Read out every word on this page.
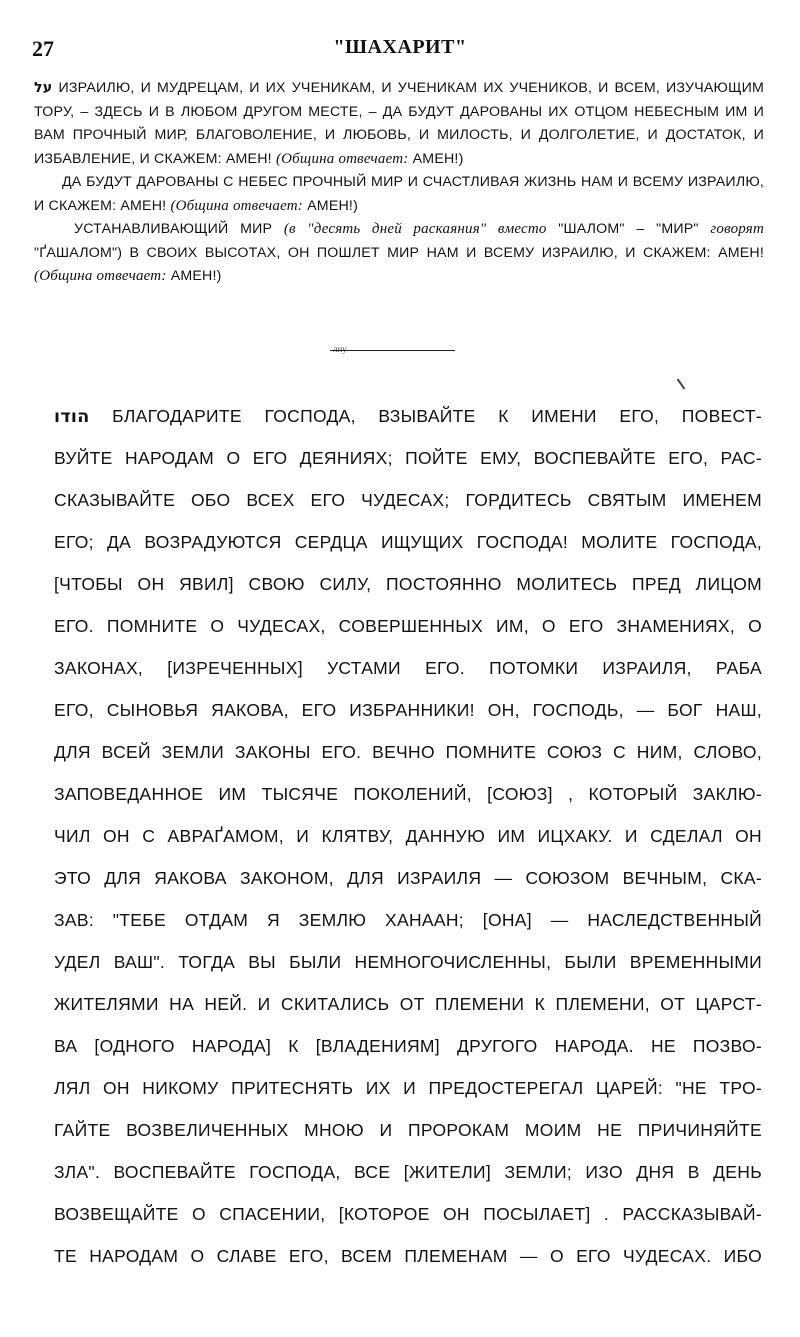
27	"ШАХАРИТ"

על ИЗРАИЛЮ, И МУДРЕЦАМ, И ИХ УЧЕНИКАМ, И УЧЕНИКАМ ИХ УЧЕНИКОВ, И ВСЕМ, ИЗУЧАЮЩИМ ТОРУ, – ЗДЕСЬ И В ЛЮБОМ ДРУГОМ МЕСТЕ, – ДА БУДУТ ДАРОВАНЫ ИХ ОТЦОМ НЕБЕСНЫМ ИМ И ВАМ ПРОЧНЫЙ МИР, БЛАГОВОЛЕНИЕ, И ЛЮБОВЬ, И МИЛОСТЬ, И ДОЛГОЛЕТИЕ, И ДОСТАТОК, И ИЗБАВЛЕНИЕ, И СКАЖЕМ: АМЕН! (Община отвечает: АМЕН!)

ДА БУДУТ ДАРОВАНЫ С НЕБЕС ПРОЧНЫЙ МИР И СЧАСТЛИВАЯ ЖИЗНЬ НАМ И ВСЕМУ ИЗРАИЛЮ, И СКАЖЕМ: АМЕН! (Община отвечает: АМЕН!)

УСТАНАВЛИВАЮЩИЙ МИР (в "десять дней раскаяния" вместо "ШАЛОМ" – "МИР" говорят "ҐАШАЛОМ") В СВОИХ ВЫСОТАХ, ОН ПОШЛЕТ МИР НАМ И ВСЕМУ ИЗРАИЛЮ, И СКАЖЕМ: АМЕН! (Община отвечает: АМЕН!)

лиу
הודו БЛАГОДАРИТЕ ГОСПОДА, ВЗЫВАЙТЕ К ИМЕНИ ЕГО, ПОВЕСТ-
ВУЙТЕ НАРОДАМ О ЕГО ДЕЯНИЯХ; ПОЙТЕ ЕМУ, ВОСПЕВАЙТЕ ЕГО, РАС-
СКАЗЫВАЙТЕ ОБО ВСЕХ ЕГО ЧУДЕСАХ; ГОРДИТЕСЬ СВЯТЫМ ИМЕНЕМ
ЕГО; ДА ВОЗРАДУЮТСЯ СЕРДЦА ИЩУЩИХ ГОСПОДА! МОЛИТЕ ГОСПОДА,
[ЧТОБЫ ОН ЯВИЛ] СВОЮ СИЛУ, ПОСТОЯННО МОЛИТЕСЬ ПРЕД ЛИЦОМ
ЕГО. ПОМНИТЕ О ЧУДЕСАХ, СОВЕРШЕННЫХ ИМ, О ЕГО ЗНАМЕНИЯХ, О
ЗАКОНАХ, [ИЗРЕЧЕННЫХ] УСТАМИ ЕГО. ПОТОМКИ ИЗРАИЛЯ, РАБА
ЕГО, СЫНОВЬЯ ЯАКОВА, ЕГО ИЗБРАННИКИ! ОН, ГОСПОДЬ, — БОГ НАШ,
ДЛЯ ВСЕЙ ЗЕМЛИ ЗАКОНЫ ЕГО. ВЕЧНО ПОМНИТЕ СОЮЗ С НИМ, СЛОВО,
ЗАПОВЕДАННОЕ ИМ ТЫСЯЧЕ ПОКОЛЕНИЙ, [СОЮЗ] , КОТОРЫЙ ЗАКЛЮ-
ЧИЛ ОН С АВРАҐАМОМ, И КЛЯТВУ, ДАННУЮ ИМ ИЦХАКУ. И СДЕЛАЛ ОН
ЭТО ДЛЯ ЯАКОВА ЗАКОНОМ, ДЛЯ ИЗРАИЛЯ — СОЮЗОМ ВЕЧНЫМ, СКА-
ЗАВ: "ТЕБЕ ОТДАМ Я ЗЕМЛЮ ХАНААН; [ОНА] — НАСЛЕДСТВЕННЫЙ
УДЕЛ ВАШ". ТОГДА ВЫ БЫЛИ НЕМНОГОЧИСЛЕННЫ, БЫЛИ ВРЕМЕННЫМИ
ЖИТЕЛЯМИ НА НЕЙ. И СКИТАЛИСЬ ОТ ПЛЕМЕНИ К ПЛЕМЕНИ, ОТ ЦАРСТ-
ВА [ОДНОГО НАРОДА] К [ВЛАДЕНИЯМ] ДРУГОГО НАРОДА. НЕ ПОЗВО-
ЛЯЛ ОН НИКОМУ ПРИТЕСНЯТЬ ИХ И ПРЕДОСТЕРЕГАЛ ЦАРЕЙ: "НЕ ТРО-
ГАЙТЕ ВОЗВЕЛИЧЕННЫХ МНОЮ И ПРОРОКАМ МОИМ НЕ ПРИЧИНЯЙТЕ
ЗЛА". ВОСПЕВАЙТЕ ГОСПОДА, ВСЕ [ЖИТЕЛИ] ЗЕМЛИ; ИЗО ДНЯ В ДЕНЬ
ВОЗВЕЩАЙТЕ О СПАСЕНИИ, [КОТОРОЕ ОН ПОСЫЛАЕТ] . РАССКАЗЫВАЙ-
ТЕ НАРОДАМ О СЛАВЕ ЕГО, ВСЕМ ПЛЕМЕНАМ — О ЕГО ЧУДЕСАХ. ИБО
